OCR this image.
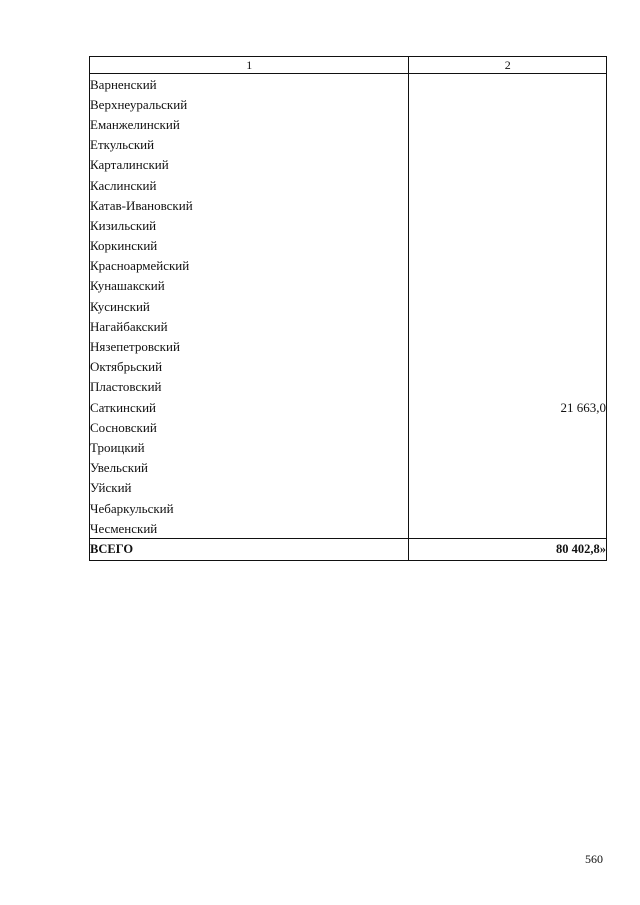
1	2
Варненский	
Верхнеуральский	
Еманжелинский	
Еткульский	
Карталинский	
Каслинский	
Катав-Ивановский	
Кизильский	
Коркинский	
Красноармейский	
Кунашакский	
Кусинский	
Нагайбакский	
Нязепетровский	
Октябрьский	
Пластовский	
Саткинский	21 663,0
Сосновский	
Троицкий	
Увельский	
Уйский	
Чебаркульский	
Чесменский	
ВСЕГО	80 402,8»
560
